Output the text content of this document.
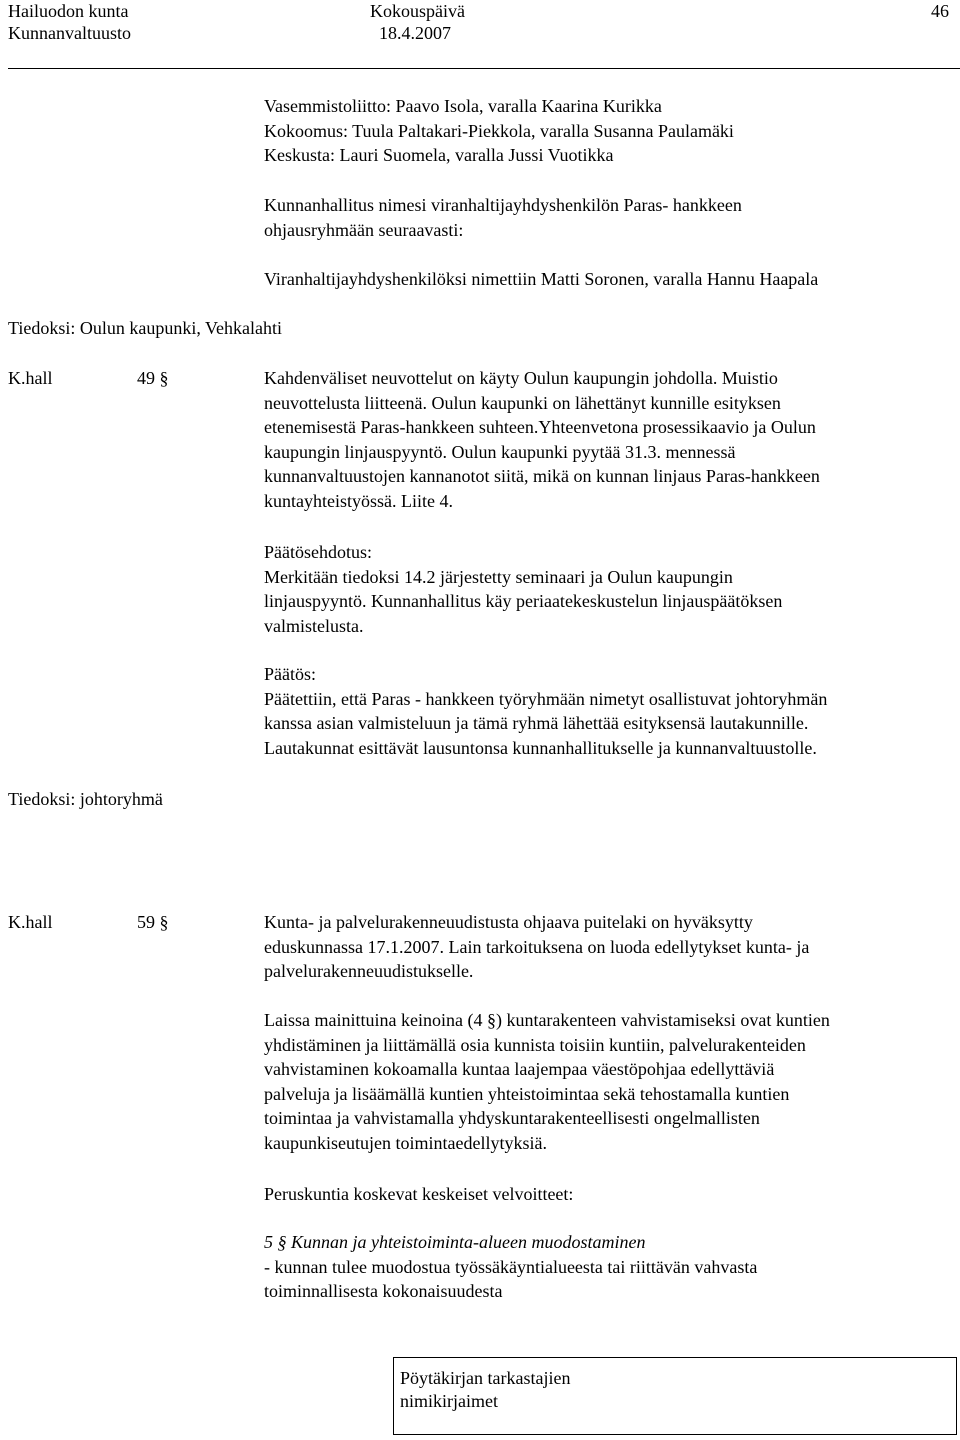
Hailuodon kunta
Kunnanvaltuusto
Kokouspäivä
18.4.2007
46

Vasemmistoliitto: Paavo Isola, varalla Kaarina Kurikka

Kokoomus: Tuula Paltakari-Piekkola, varalla Susanna Paulamäki

Keskusta: Lauri Suomela, varalla Jussi Vuotikka

Kunnanhallitus nimesi viranhaltijayhdyshenkilön Paras- hankkeen

ohjausryhmään seuraavasti:

Viranhaltijayhdyshenkilöksi nimettiin Matti Soronen, varalla Hannu Haapala
Tiedoksi: Oulun kaupunki, Vehkalahti
K.hall	49 §	Kahdenväliset neuvottelut on käyty Oulun kaupungin johdolla. Muistio

neuvottelusta liitteenä. Oulun kaupunki on lähettänyt kunnille esityksen

etenemisestä Paras-hankkeen suhteen.Yhteenvetona prosessikaavio ja Oulun

kaupungin linjauspyyntö. Oulun kaupunki pyytää 31.3. mennessä

kunnanvaltuustojen kannanotot siitä, mikä on kunnan linjaus Paras-hankkeen

kuntayhteistyössä. Liite 4.

Päätösehdotus:

Merkitään tiedoksi 14.2 järjestetty seminaari ja Oulun kaupungin

linjauspyyntö. Kunnanhallitus käy periaatekeskustelun linjauspäätöksen

valmistelusta.

Päätös:

Päätettiin, että Paras - hankkeen työryhmään nimetyt osallistuvat johtoryhmän

kanssa asian valmisteluun ja tämä ryhmä lähettää esityksensä lautakunnille.

Lautakunnat esittävät lausuntonsa kunnanhallitukselle ja kunnanvaltuustolle.

Tiedoksi: johtoryhmä
K.hall	59 §	Kunta- ja palvelurakenneuudistusta ohjaava puitelaki on hyväksytty

eduskunnassa 17.1.2007. Lain tarkoituksena on luoda edellytykset kunta- ja

palvelurakenneuudistukselle.

Laissa mainittuina keinoina (4 §) kuntarakenteen vahvistamiseksi ovat kuntien

yhdistäminen ja liittämällä osia kunnista toisiin kuntiin, palvelurakenteiden

vahvistaminen kokoamalla kuntaa laajempaa väestöpohjaa edellyttäviä

palveluja ja lisäämällä kuntien yhteistoimintaa sekä tehostamalla kuntien

toimintaa ja vahvistamalla yhdyskuntarakenteellisesti ongelmallisten

kaupunkiseutujen toimintaedellytyksiä.

Peruskuntia koskevat keskeiset velvoitteet:

5 § Kunnan ja yhteistoiminta-alueen muodostaminen

- kunnan tulee muodostua työssäkäyntialueesta tai riittävän vahvasta

toiminnallisesta kokonaisuudesta

Pöytäkirjan tarkastajien
nimikirjaimet
